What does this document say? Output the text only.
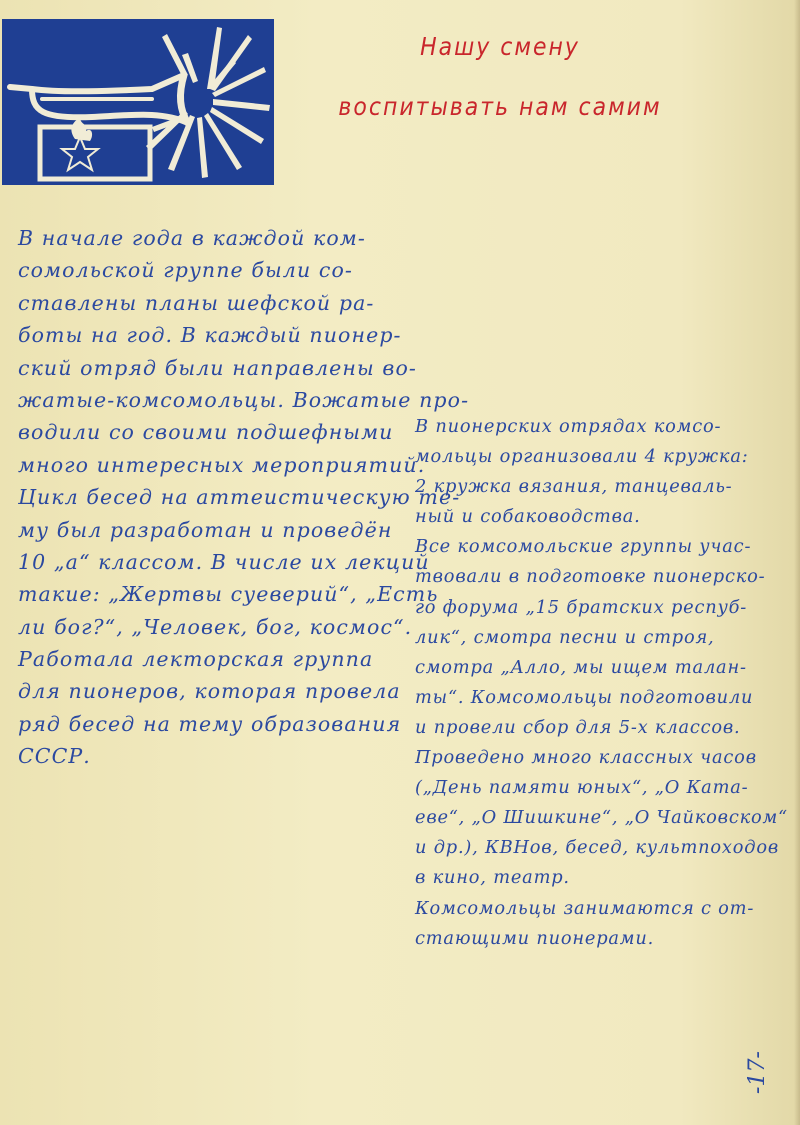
Нашу смену
воспитывать нам самим
В начале года в каждой ком-
сомольской группе были со-
ставлены планы шефской ра-
боты на год. В каждый пионер-
ский отряд были направлены во-
жатые-комсомольцы. Вожатые про-
водили со своими подшефными
много интересных мероприятий.
Цикл бесед на аттеистическую те-
му был разработан и проведён
10 „а“ классом. В числе их лекций
такие: „Жертвы суеверий“, „Есть
ли бог?“, „Человек, бог, космос“.
Работала лекторская группа
для пионеров, которая провела
ряд бесед на тему образования
СССР.
В пионерских отрядах комсо-
мольцы организовали 4 кружка:
2 кружка вязания, танцеваль-
ный и собаководства.
Все комсомольские группы учас-
твовали в подготовке пионерско-
го форума „15 братских респуб-
лик“, смотра песни и строя,
смотра „Алло, мы ищем талан-
ты“. Комсомольцы подготовили
и провели сбор для 5-х классов.
Проведено много классных часов
(„День памяти юных“, „О Ката-
еве“, „О Шишкине“, „О Чайковском“
и др.), КВНов, бесед, культпоходов
в кино, театр.
Комсомольцы занимаются с от-
стающими пионерами.
-17-
